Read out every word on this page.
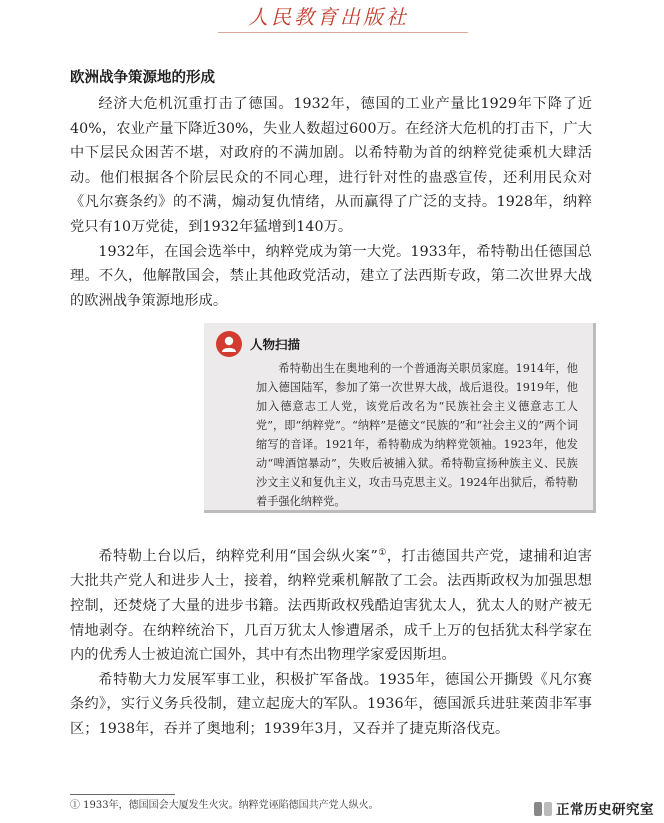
人民教育出版社
欧洲战争策源地的形成

经济大危机沉重打击了德国。1932年，德国的工业产量比1929年下降了近40%，农业产量下降近30%，失业人数超过600万。在经济大危机的打击下，广大中下层民众困苦不堪，对政府的不满加剧。以希特勒为首的纳粹党徒乘机大肆活动。他们根据各个阶层民众的不同心理，进行针对性的蛊惑宣传，还利用民众对《凡尔赛条约》的不满，煽动复仇情绪，从而赢得了广泛的支持。1928年，纳粹党只有10万党徒，到1932年猛增到140万。

1932年，在国会选举中，纳粹党成为第一大党。1933年，希特勒出任德国总理。不久，他解散国会，禁止其他政党活动，建立了法西斯专政，第二次世界大战的欧洲战争策源地形成。

人物扫描

希特勒出生在奥地利的一个普通海关职员家庭。1914年，他加入德国陆军，参加了第一次世界大战，战后退役。1919年，他加入德意志工人党，该党后改名为“民族社会主义德意志工人党”，即“纳粹党”。“纳粹”是德文“民族的”和“社会主义的”两个词缩写的音译。1921年，希特勒成为纳粹党领袖。1923年，他发动“啤酒馆暴动”，失败后被捕入狱。希特勒宣扬种族主义、民族沙文主义和复仇主义，攻击马克思主义。1924年出狱后，希特勒着手强化纳粹党。

希特勒上台以后，纳粹党利用“国会纵火案”①，打击德国共产党，逮捕和迫害大批共产党人和进步人士，接着，纳粹党乘机解散了工会。法西斯政权为加强思想控制，还焚烧了大量的进步书籍。法西斯政权残酷迫害犹太人，犹太人的财产被无情地剥夺。在纳粹统治下，几百万犹太人惨遭屠杀，成千上万的包括犹太科学家在内的优秀人士被迫流亡国外，其中有杰出物理学家爱因斯坦。

希特勒大力发展军事工业，积极扩军备战。1935年，德国公开撕毁《凡尔赛条约》，实行义务兵役制，建立起庞大的军队。1936年，德国派兵进驻莱茵非军事区；1938年，吞并了奥地利；1939年3月，又吞并了捷克斯洛伐克。

① 1933年，德国国会大厦发生火灾。纳粹党诬陷德国共产党人纵火。	正常历史研究室
